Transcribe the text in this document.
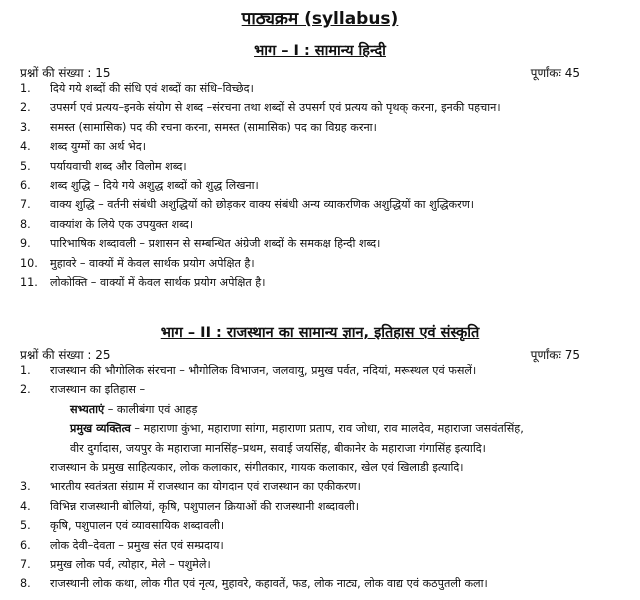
पाठ्यक्रम (syllabus)
भाग – I : सामान्य हिन्दी
प्रश्नों की संख्या : 15	पूर्णांकः 45
1. दिये गये शब्दों की संधि एवं शब्दों का संधि–विच्छेद।
2. उपसर्ग एवं प्रत्यय–इनके संयोग से शब्द –संरचना तथा शब्दों से उपसर्ग एवं प्रत्यय को पृथक् करना, इनकी पहचान।
3. समस्त (सामासिक) पद की रचना करना, समस्त (सामासिक) पद का विग्रह करना।
4. शब्द युग्मों का अर्थ भेद।
5. पर्यायवाची शब्द और विलोम शब्द।
6. शब्द शुद्धि – दिये गये अशुद्ध शब्दों को शुद्ध लिखना।
7. वाक्य शुद्धि – वर्तनी संबंधी अशुद्धियों को छोड़कर वाक्य संबंधी अन्य व्याकरणिक अशुद्धियों का शुद्धिकरण।
8. वाक्यांश के लिये एक उपयुक्त शब्द।
9. पारिभाषिक शब्दावली – प्रशासन से सम्बन्धित अंग्रेजी शब्दों के समकक्ष हिन्दी शब्द।
10. मुहावरे – वाक्यों में केवल सार्थक प्रयोग अपेक्षित है।
11. लोकोक्ति – वाक्यों में केवल सार्थक प्रयोग अपेक्षित है।
भाग – II : राजस्थान का सामान्य ज्ञान, इतिहास एवं संस्कृति
प्रश्नों की संख्या : 25	पूर्णांकः 75
1. राजस्थान की भौगोलिक संरचना – भौगोलिक विभाजन, जलवायु, प्रमुख पर्वत, नदियां, मरूस्थल एवं फसलें।
2. राजस्थान का इतिहास –
सभ्यताएं – कालीबंगा एवं आहड़
प्रमुख व्यक्तित्व – महाराणा कुंभा, महाराणा सांगा, महाराणा प्रताप, राव जोधा, राव मालदेव, महाराजा जसवंतसिंह,
वीर दुर्गादास, जयपुर के महाराजा मानसिंह–प्रथम, सवाई जयसिंह, बीकानेर के महाराजा गंगासिंह इत्यादि।
राजस्थान के प्रमुख साहित्यकार, लोक कलाकार, संगीतकार, गायक कलाकार, खेल एवं खिलाडी इत्यादि।
3. भारतीय स्वतंत्रता संग्राम में राजस्थान का योगदान एवं राजस्थान का एकीकरण।
4. विभिन्न राजस्थानी बोलियां, कृषि, पशुपालन क्रियाओं की राजस्थानी शब्दावली।
5. कृषि, पशुपालन एवं व्यावसायिक शब्दावली।
6. लोक देवी–देवता – प्रमुख संत एवं सम्प्रदाय।
7. प्रमुख लोक पर्व, त्योहार, मेले – पशुमेले।
8. राजस्थानी लोक कथा, लोक गीत एवं नृत्य, मुहावरे, कहावतें, फड, लोक नाट्य, लोक वाद्य एवं कठपुतली कला।
